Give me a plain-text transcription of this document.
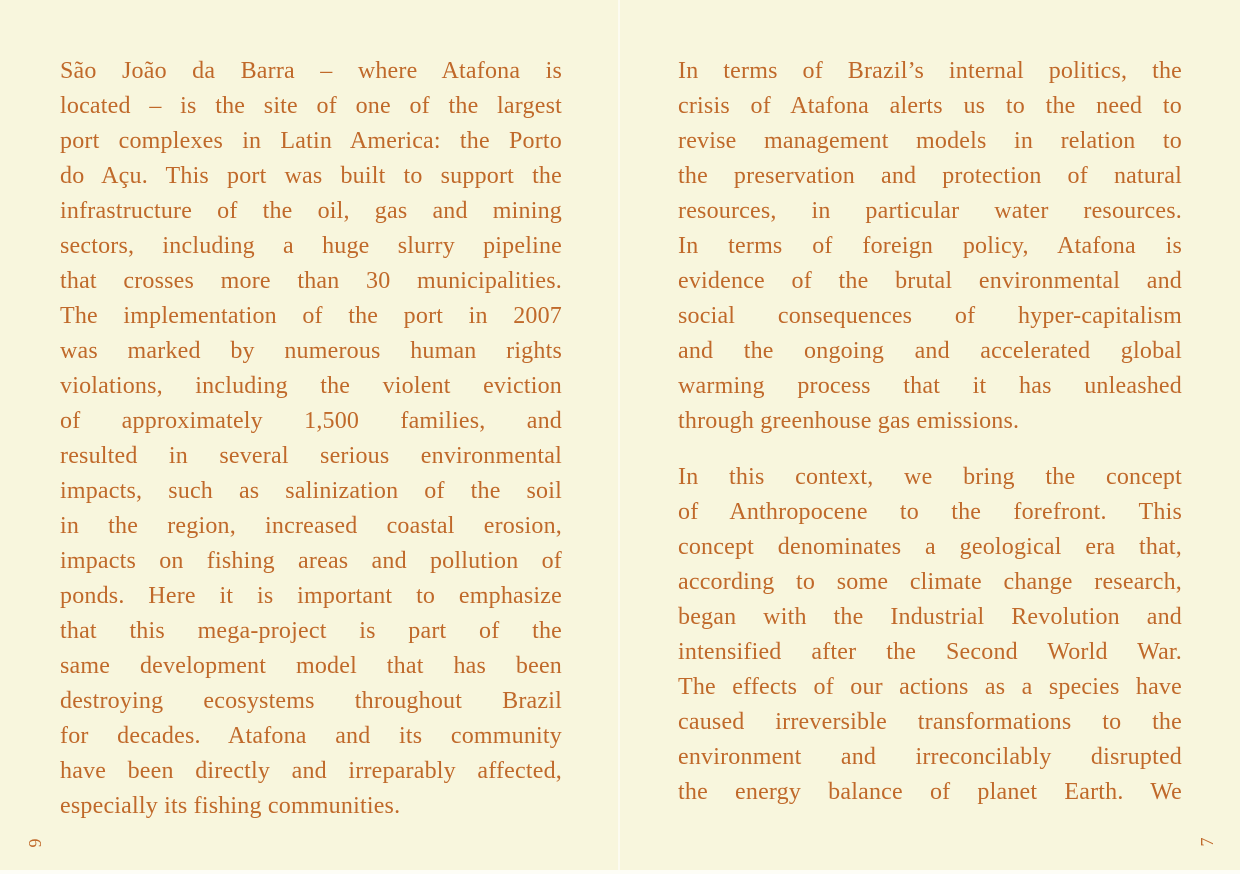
São João da Barra – where Atafona is
located – is the site of one of the largest
port complexes in Latin America: the Porto
do Açu. This port was built to support the
infrastructure of the oil, gas and mining
sectors, including a huge slurry pipeline
that crosses more than 30 municipalities.
The implementation of the port in 2007
was marked by numerous human rights
violations, including the violent eviction
of approximately 1,500 families, and
resulted in several serious environmental
impacts, such as salinization of the soil
in the region, increased coastal erosion,
impacts on fishing areas and pollution of
ponds. Here it is important to emphasize
that this mega-project is part of the
same development model that has been
destroying ecosystems throughout Brazil
for decades. Atafona and its community
have been directly and irreparably affected,
especially its fishing communities.
In terms of Brazil’s internal politics, the
crisis of Atafona alerts us to the need to
revise management models in relation to
the preservation and protection of natural
resources, in particular water resources.
In terms of foreign policy, Atafona is
evidence of the brutal environmental and
social consequences of hyper-capitalism
and the ongoing and accelerated global
warming process that it has unleashed
through greenhouse gas emissions.
In this context, we bring the concept
of Anthropocene to the forefront. This
concept denominates a geological era that,
according to some climate change research,
began with the Industrial Revolution and
intensified after the Second World War.
The effects of our actions as a species have
caused irreversible transformations to the
environment and irreconcilably disrupted
the energy balance of planet Earth. We
6	7
